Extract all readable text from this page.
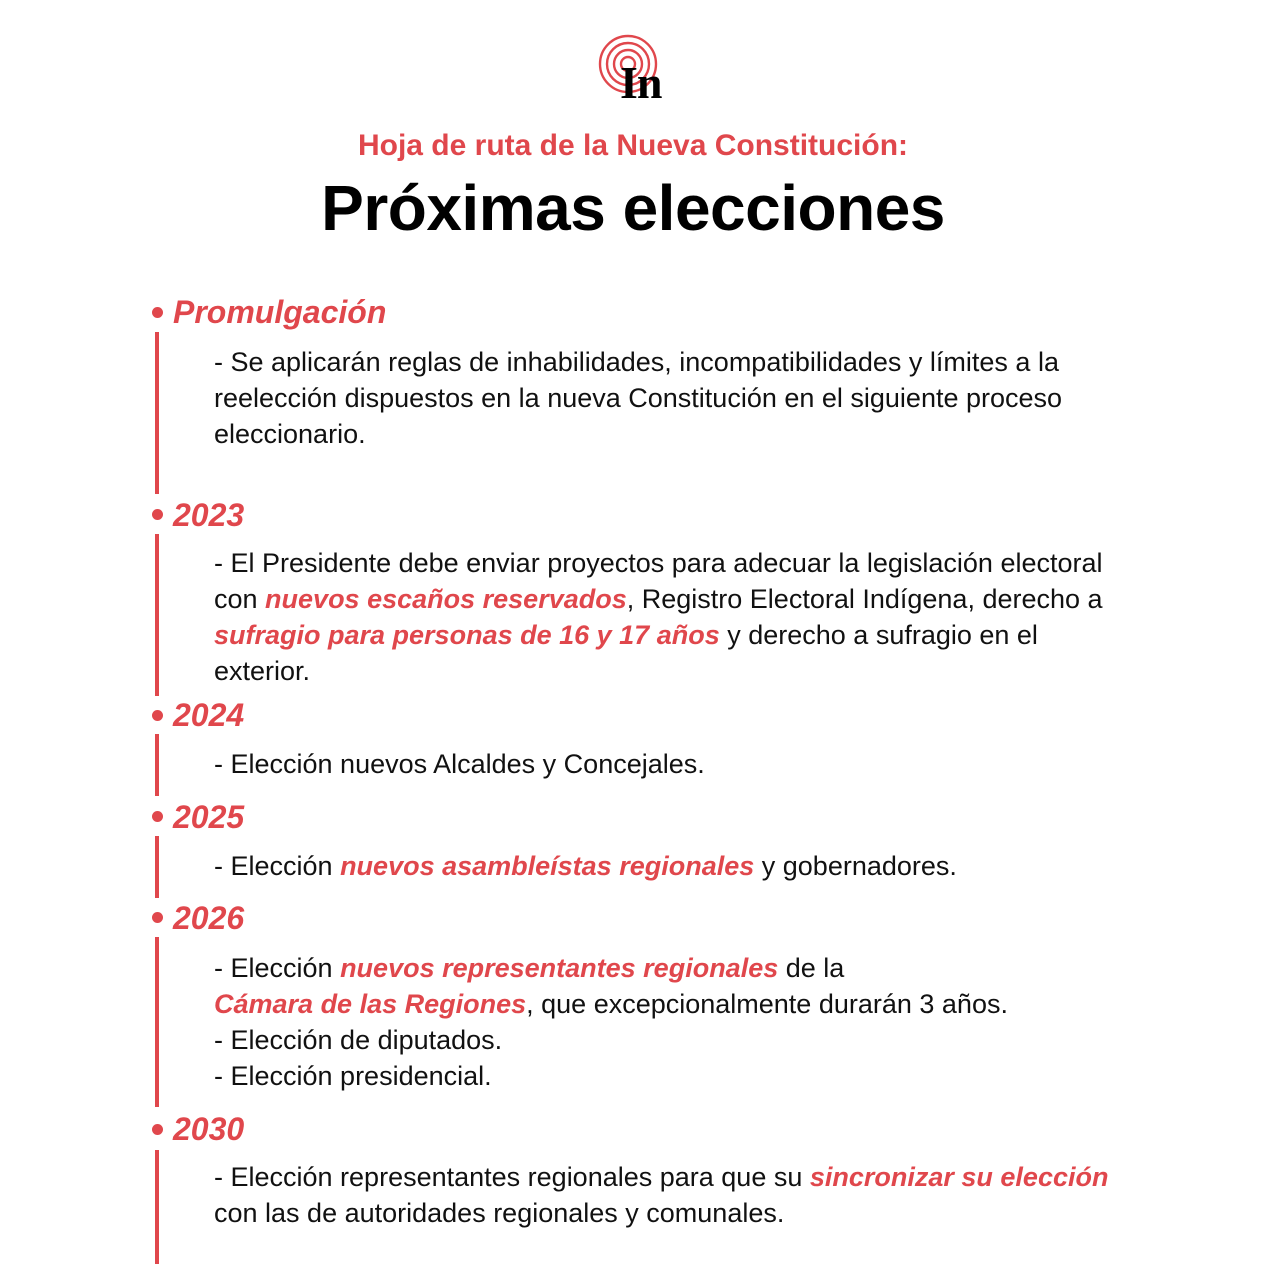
In
Hoja de ruta de la Nueva Constitución:
Próximas elecciones
Promulgación
- Se aplicarán reglas de inhabilidades, incompatibilidades y límites a la reelección dispuestos en la nueva Constitución en el siguiente proceso eleccionario.
2023
- El Presidente debe enviar proyectos para adecuar la legislación electoral con nuevos escaños reservados, Registro Electoral Indígena, derecho a sufragio para personas de 16 y 17 años y derecho a sufragio en el exterior.
2024
- Elección nuevos Alcaldes y Concejales.
2025
- Elección nuevos asambleístas regionales y gobernadores.
2026
- Elección nuevos representantes regionales de la
Cámara de las Regiones, que excepcionalmente durarán 3 años.
- Elección de diputados.
- Elección presidencial.
2030
- Elección representantes regionales para que su sincronizar su elección con las de autoridades regionales y comunales.
